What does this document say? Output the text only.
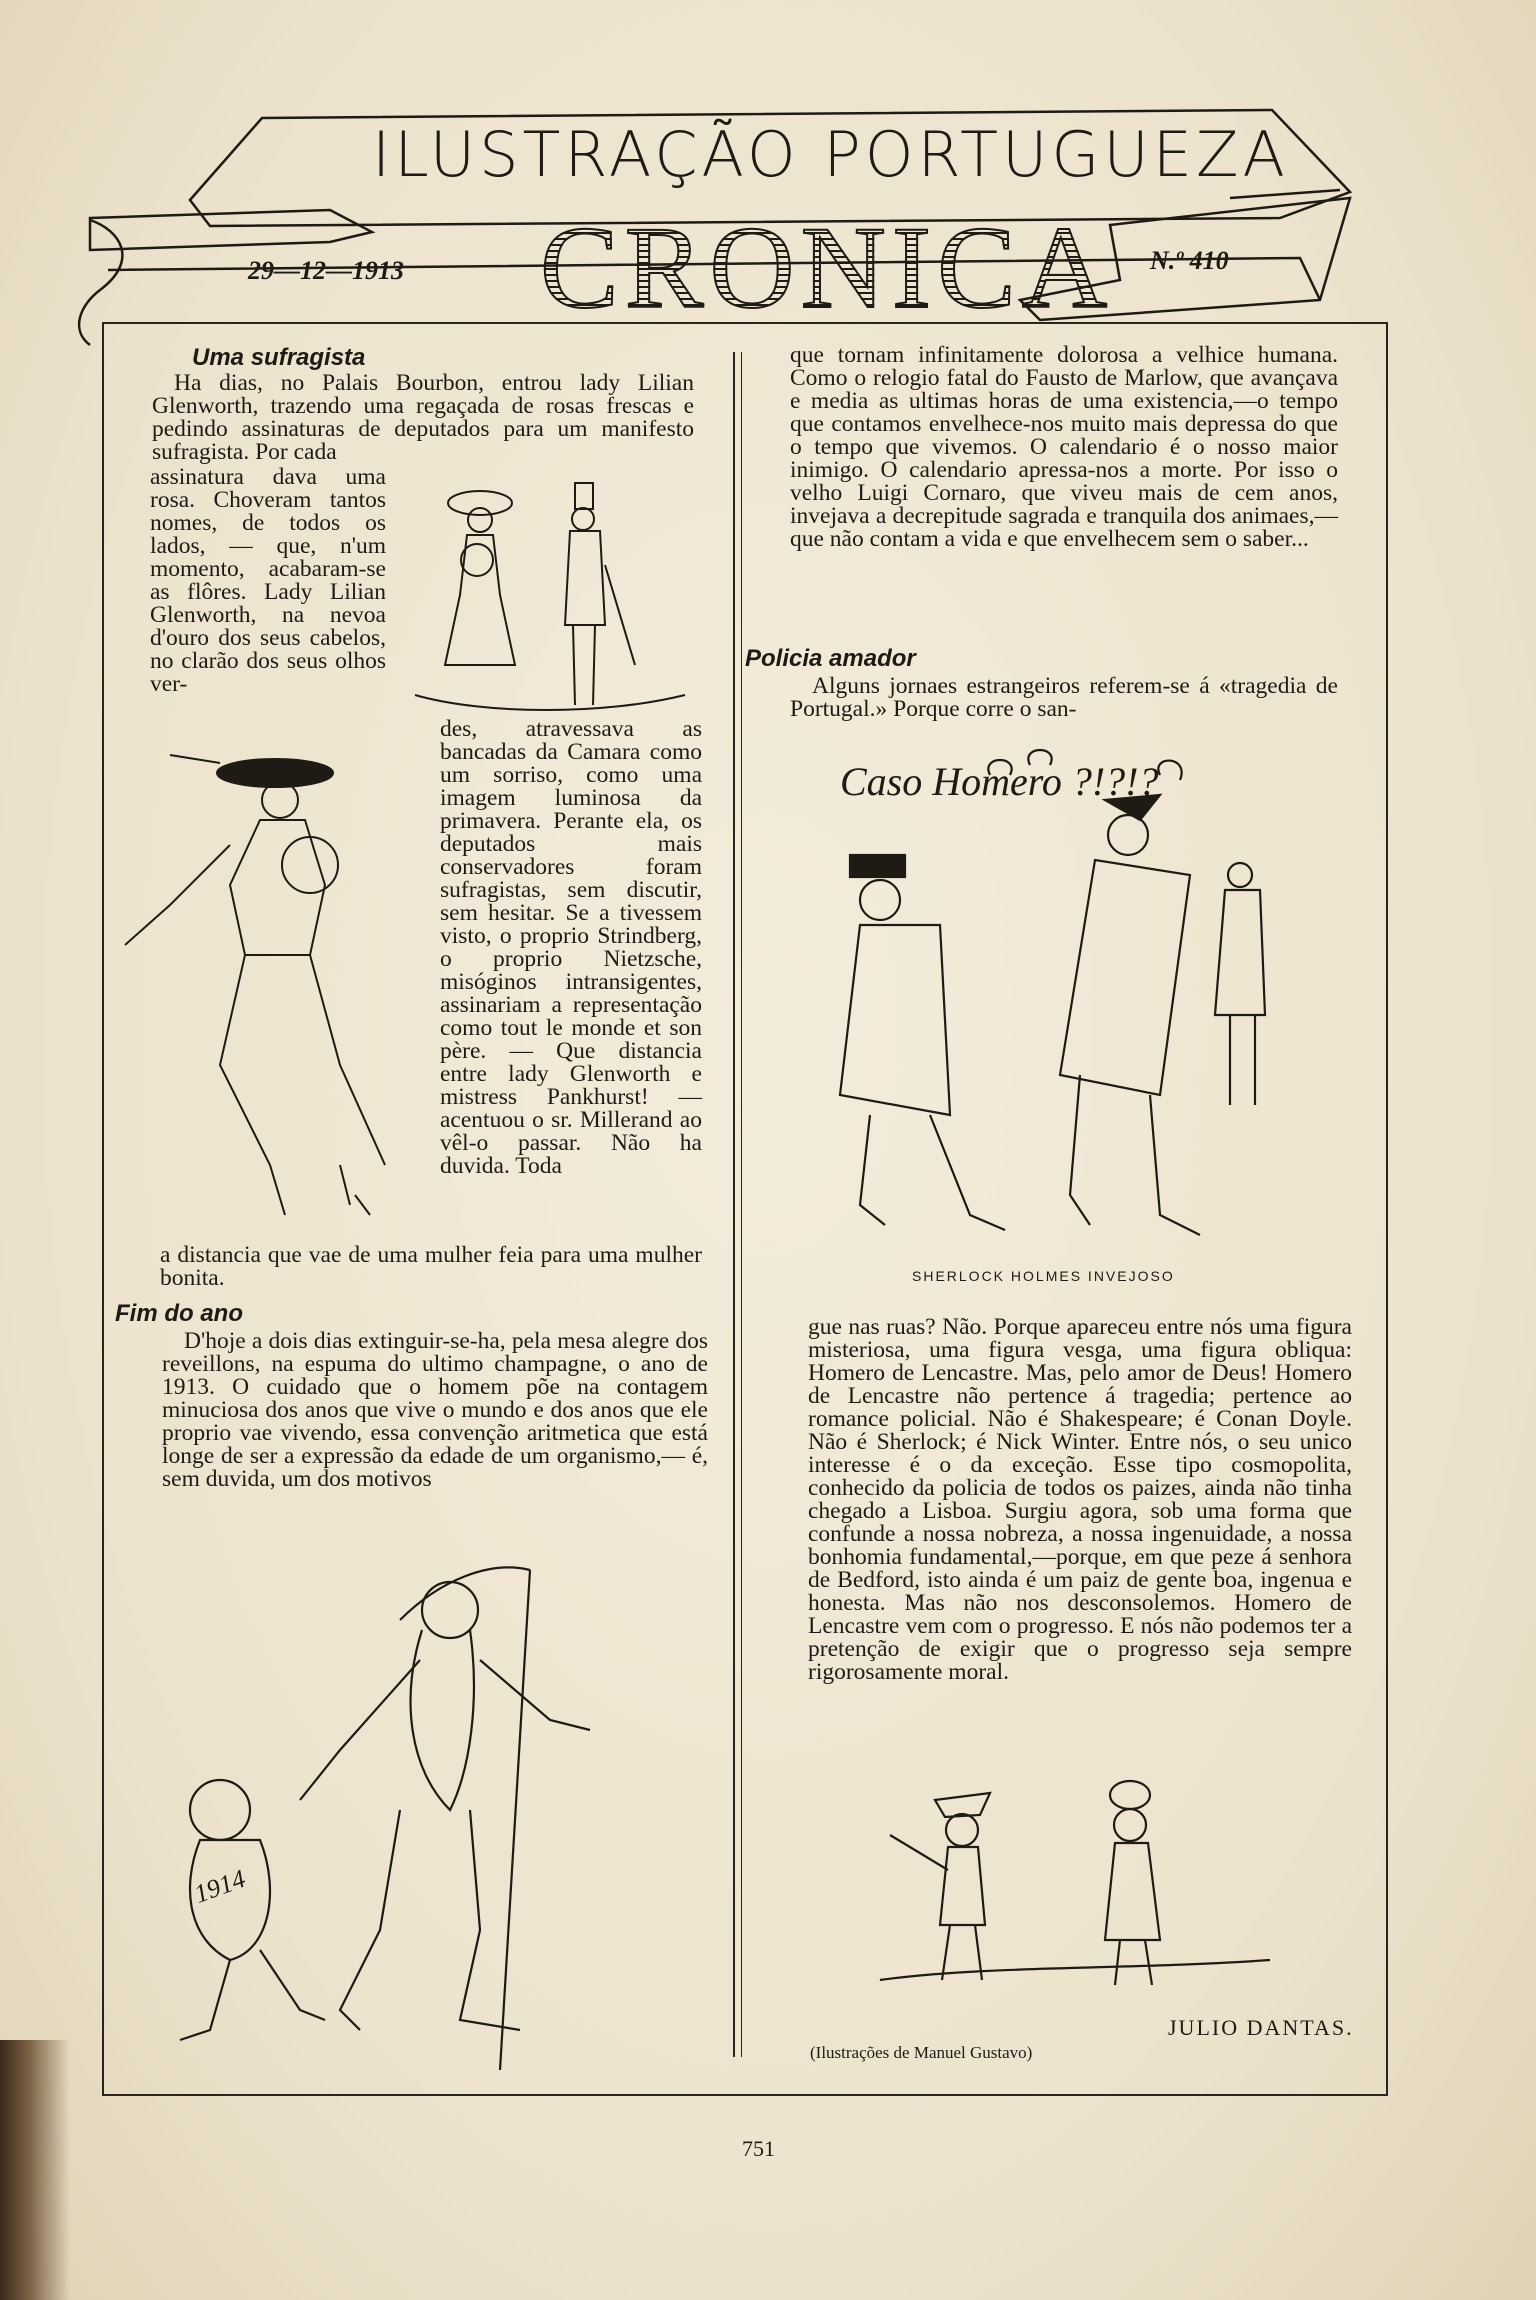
ILUSTRAÇÃO PORTUGUEZA
CRONICA
29—12—1913	N.º 410
Uma sufragista
Ha dias, no Palais Bourbon, entrou lady Lilian Glenworth, trazendo uma regaçada de rosas frescas e pedindo assinaturas de deputados para um manifesto sufragista. Por cada
assinatura dava uma rosa. Choveram tantos nomes, de todos os lados, — que, n'um momento, acabaram-se as flôres. Lady Lilian Glenworth, na nevoa d'ouro dos seus cabelos, no clarão dos seus olhos ver-
des, atravessava as bancadas da Camara como um sorriso, como uma imagem luminosa da primavera. Perante ela, os deputados mais conservadores foram sufragistas, sem discutir, sem hesitar. Se a tivessem visto, o proprio Strindberg, o proprio Nietzsche, misóginos intransigentes, assinariam a representação como tout le monde et son père. — Que distancia entre lady Glenworth e mistress Pankhurst! —acentuou o sr. Millerand ao vêl-o passar. Não ha duvida. Toda
a distancia que vae de uma mulher feia para uma mulher bonita.
Fim do ano
D'hoje a dois dias extinguir-se-ha, pela mesa alegre dos reveillons, na espuma do ultimo champagne, o ano de 1913. O cuidado que o homem põe na contagem minuciosa dos anos que vive o mundo e dos anos que ele proprio vae vivendo, essa convenção aritmetica que está longe de ser a expressão da edade de um organismo,— é, sem duvida, um dos motivos
1914
que tornam infinitamente dolorosa a velhice humana. Como o relogio fatal do Fausto de Marlow, que avançava e media as ultimas horas de uma existencia,—o tempo que contamos envelhece-nos muito mais depressa do que o tempo que vivemos. O calendario é o nosso maior inimigo. O calendario apressa-nos a morte. Por isso o velho Luigi Cornaro, que viveu mais de cem anos, invejava a decrepitude sagrada e tranquila dos animaes,— que não contam a vida e que envelhecem sem o saber...
Policia amador
Alguns jornaes estrangeiros referem-se á «tragedia de Portugal.» Porque corre o san-
Caso Homero ?!?!?
SHERLOCK HOLMES INVEJOSO
gue nas ruas? Não. Porque apareceu entre nós uma figura misteriosa, uma figura vesga, uma figura obliqua: Homero de Lencastre. Mas, pelo amor de Deus! Homero de Lencastre não pertence á tragedia; pertence ao romance policial. Não é Shakespeare; é Conan Doyle. Não é Sherlock; é Nick Winter. Entre nós, o seu unico interesse é o da exceção. Esse tipo cosmopolita, conhecido da policia de todos os paizes, ainda não tinha chegado a Lisboa. Surgiu agora, sob uma forma que confunde a nossa nobreza, a nossa ingenuidade, a nossa bonhomia fundamental,—porque, em que peze á senhora de Bedford, isto ainda é um paiz de gente boa, ingenua e honesta. Mas não nos desconsolemos. Homero de Lencastre vem com o progresso. E nós não podemos ter a pretenção de exigir que o progresso seja sempre rigorosamente moral.
JULIO DANTAS.
(Ilustrações de Manuel Gustavo)
751
